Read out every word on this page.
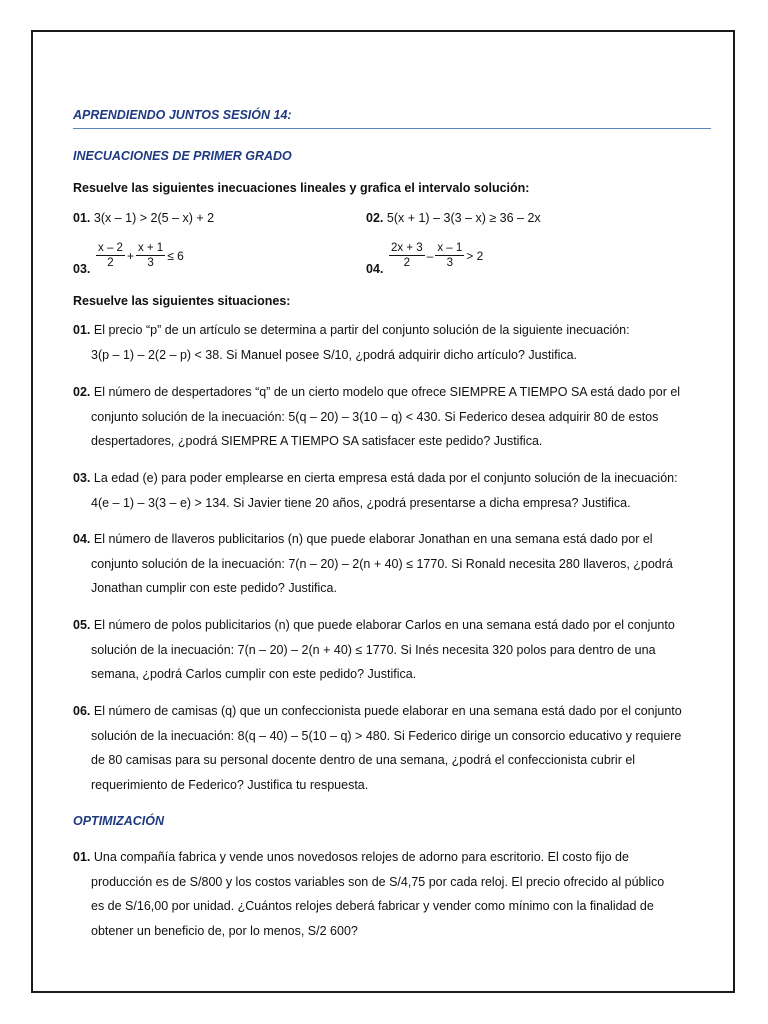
APRENDIENDO JUNTOS SESIÓN 14:
INECUACIONES DE PRIMER GRADO
Resuelve las siguientes inecuaciones lineales y grafica el intervalo solución:
01. 3(x – 1) > 2(5 – x) + 2	02. 5(x + 1) – 3(3 – x) ≥ 36 – 2x
03. $\frac{x - 2}{2} + \frac{x + 1}{3} \le 6$
04. $\frac{2x + 3}{2} - \frac{x - 1}{3} > 2$
Resuelve las siguientes situaciones:
01. El precio “p” de un artículo se determina a partir del conjunto solución de la siguiente inecuación:
3(p – 1) – 2(2 – p) < 38. Si Manuel posee S/10, ¿podrá adquirir dicho artículo? Justifica.
02. El número de despertadores “q” de un cierto modelo que ofrece SIEMPRE A TIEMPO SA está dado por el
conjunto solución de la inecuación: 5(q – 20) – 3(10 – q) < 430. Si Federico desea adquirir 80 de estos
despertadores, ¿podrá SIEMPRE A TIEMPO SA satisfacer este pedido? Justifica.
03. La edad (e) para poder emplearse en cierta empresa está dada por el conjunto solución de la inecuación:
4(e – 1) – 3(3 – e) > 134. Si Javier tiene 20 años, ¿podrá presentarse a dicha empresa? Justifica.
04. El número de llaveros publicitarios (n) que puede elaborar Jonathan en una semana está dado por el
conjunto solución de la inecuación: 7(n – 20) – 2(n + 40) ≤ 1770. Si Ronald necesita 280 llaveros, ¿podrá
Jonathan cumplir con este pedido? Justifica.
05. El número de polos publicitarios (n) que puede elaborar Carlos en una semana está dado por el conjunto
solución de la inecuación: 7(n – 20) – 2(n + 40) ≤ 1770. Si Inés necesita 320 polos para dentro de una
semana, ¿podrá Carlos cumplir con este pedido? Justifica.
06. El número de camisas (q) que un confeccionista puede elaborar en una semana está dado por el conjunto
solución de la inecuación: 8(q – 40) – 5(10 – q) > 480. Si Federico dirige un consorcio educativo y requiere
de 80 camisas para su personal docente dentro de una semana, ¿podrá el confeccionista cubrir el
requerimiento de Federico? Justifica tu respuesta.
OPTIMIZACIÓN
01. Una compañía fabrica y vende unos novedosos relojes de adorno para escritorio. El costo fijo de
producción es de S/800 y los costos variables son de S/4,75 por cada reloj. El precio ofrecido al público
es de S/16,00 por unidad. ¿Cuántos relojes deberá fabricar y vender como mínimo con la finalidad de
obtener un beneficio de, por lo menos, S/2 600?
